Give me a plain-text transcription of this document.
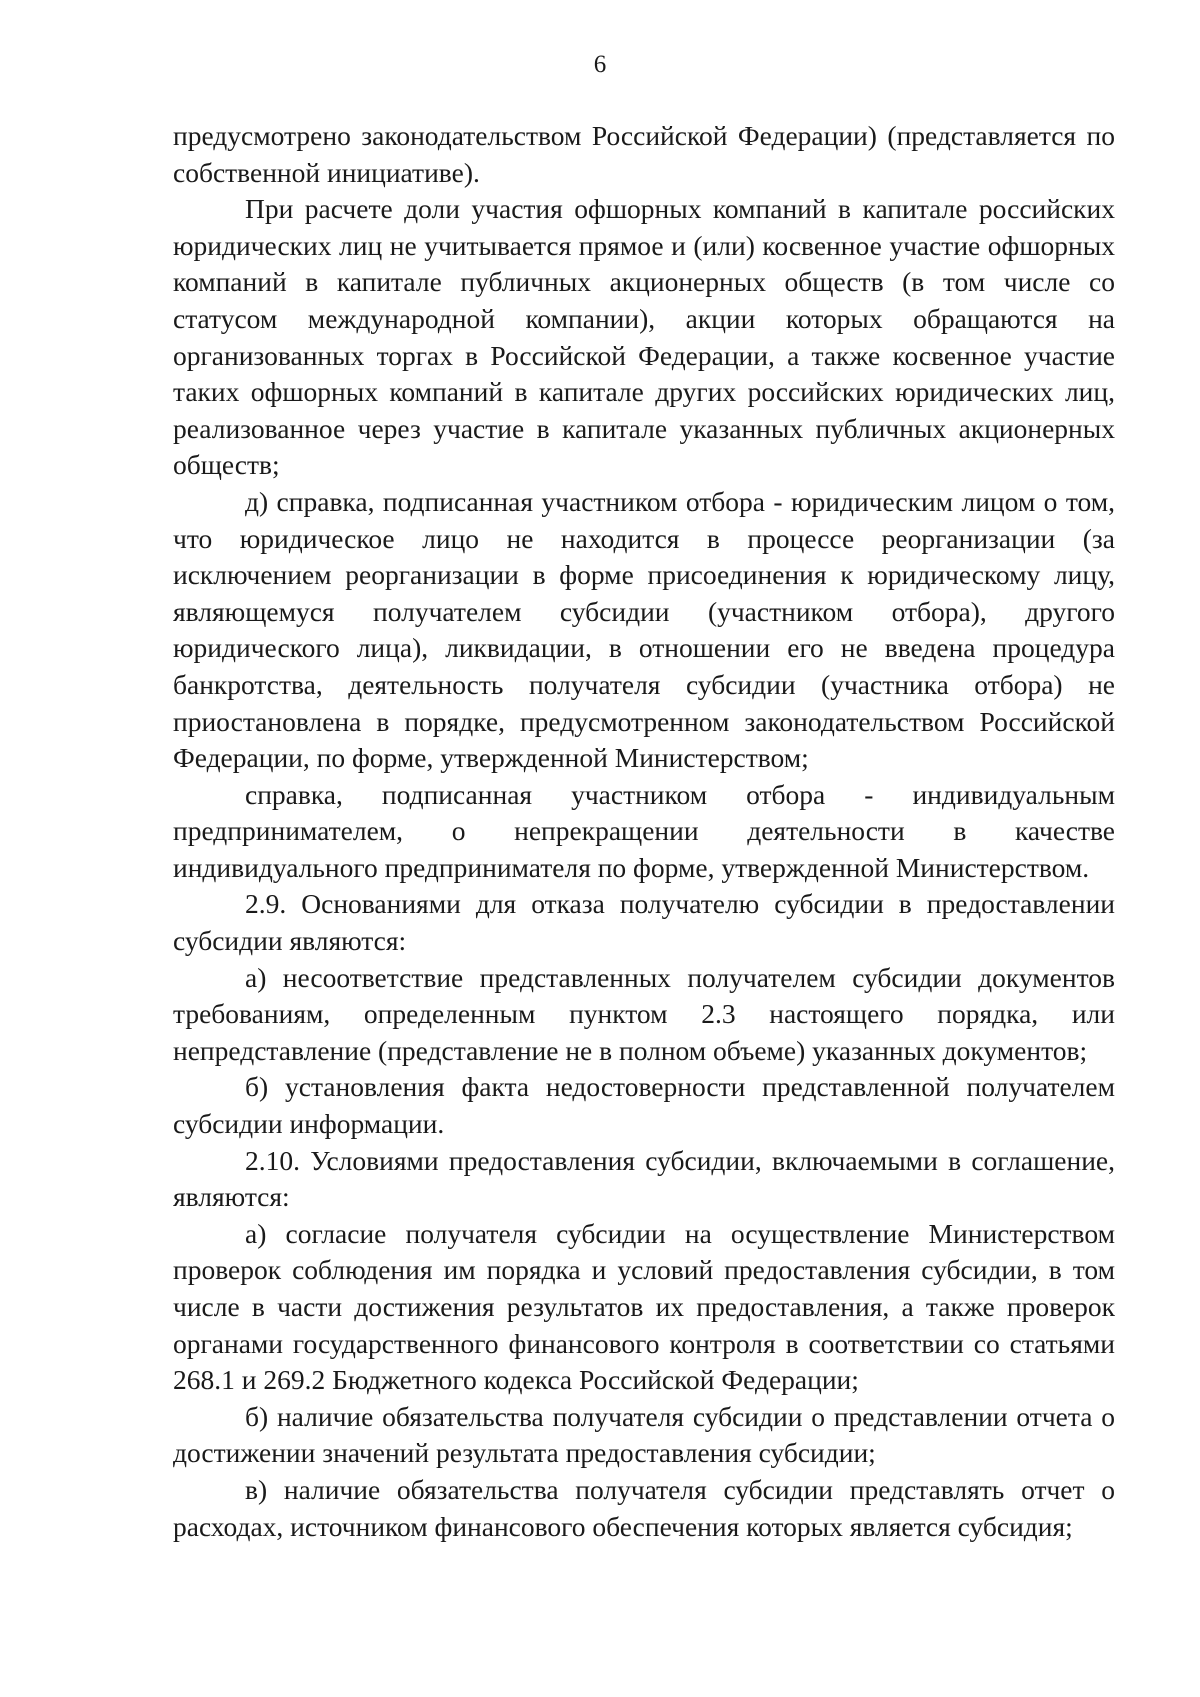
6

предусмотрено законодательством Российской Федерации) (представляется по собственной инициативе).

При расчете доли участия офшорных компаний в капитале российских юридических лиц не учитывается прямое и (или) косвенное участие офшорных компаний в капитале публичных акционерных обществ (в том числе со статусом международной компании), акции которых обращаются на организованных торгах в Российской Федерации, а также косвенное участие таких офшорных компаний в капитале других российских юридических лиц, реализованное через участие в капитале указанных публичных акционерных обществ;

д) справка, подписанная участником отбора - юридическим лицом о том, что юридическое лицо не находится в процессе реорганизации (за исключением реорганизации в форме присоединения к юридическому лицу, являющемуся получателем субсидии (участником отбора), другого юридического лица), ликвидации, в отношении его не введена процедура банкротства, деятельность получателя субсидии (участника отбора) не приостановлена в порядке, предусмотренном законодательством Российской Федерации, по форме, утвержденной Министерством;

справка, подписанная участником отбора - индивидуальным предпринимателем, о непрекращении деятельности в качестве индивидуального предпринимателя по форме, утвержденной Министерством.

2.9. Основаниями для отказа получателю субсидии в предоставлении субсидии являются:

а) несоответствие представленных получателем субсидии документов требованиям, определенным пунктом 2.3 настоящего порядка, или непредставление (представление не в полном объеме) указанных документов;

б) установления факта недостоверности представленной получателем субсидии информации.

2.10. Условиями предоставления субсидии, включаемыми в соглашение, являются:

а) согласие получателя субсидии на осуществление Министерством проверок соблюдения им порядка и условий предоставления субсидии, в том числе в части достижения результатов их предоставления, а также проверок органами государственного финансового контроля в соответствии со статьями 268.1 и 269.2 Бюджетного кодекса Российской Федерации;

б) наличие обязательства получателя субсидии о представлении отчета о достижении значений результата предоставления субсидии;

в) наличие обязательства получателя субсидии представлять отчет о расходах, источником финансового обеспечения которых является субсидия;
